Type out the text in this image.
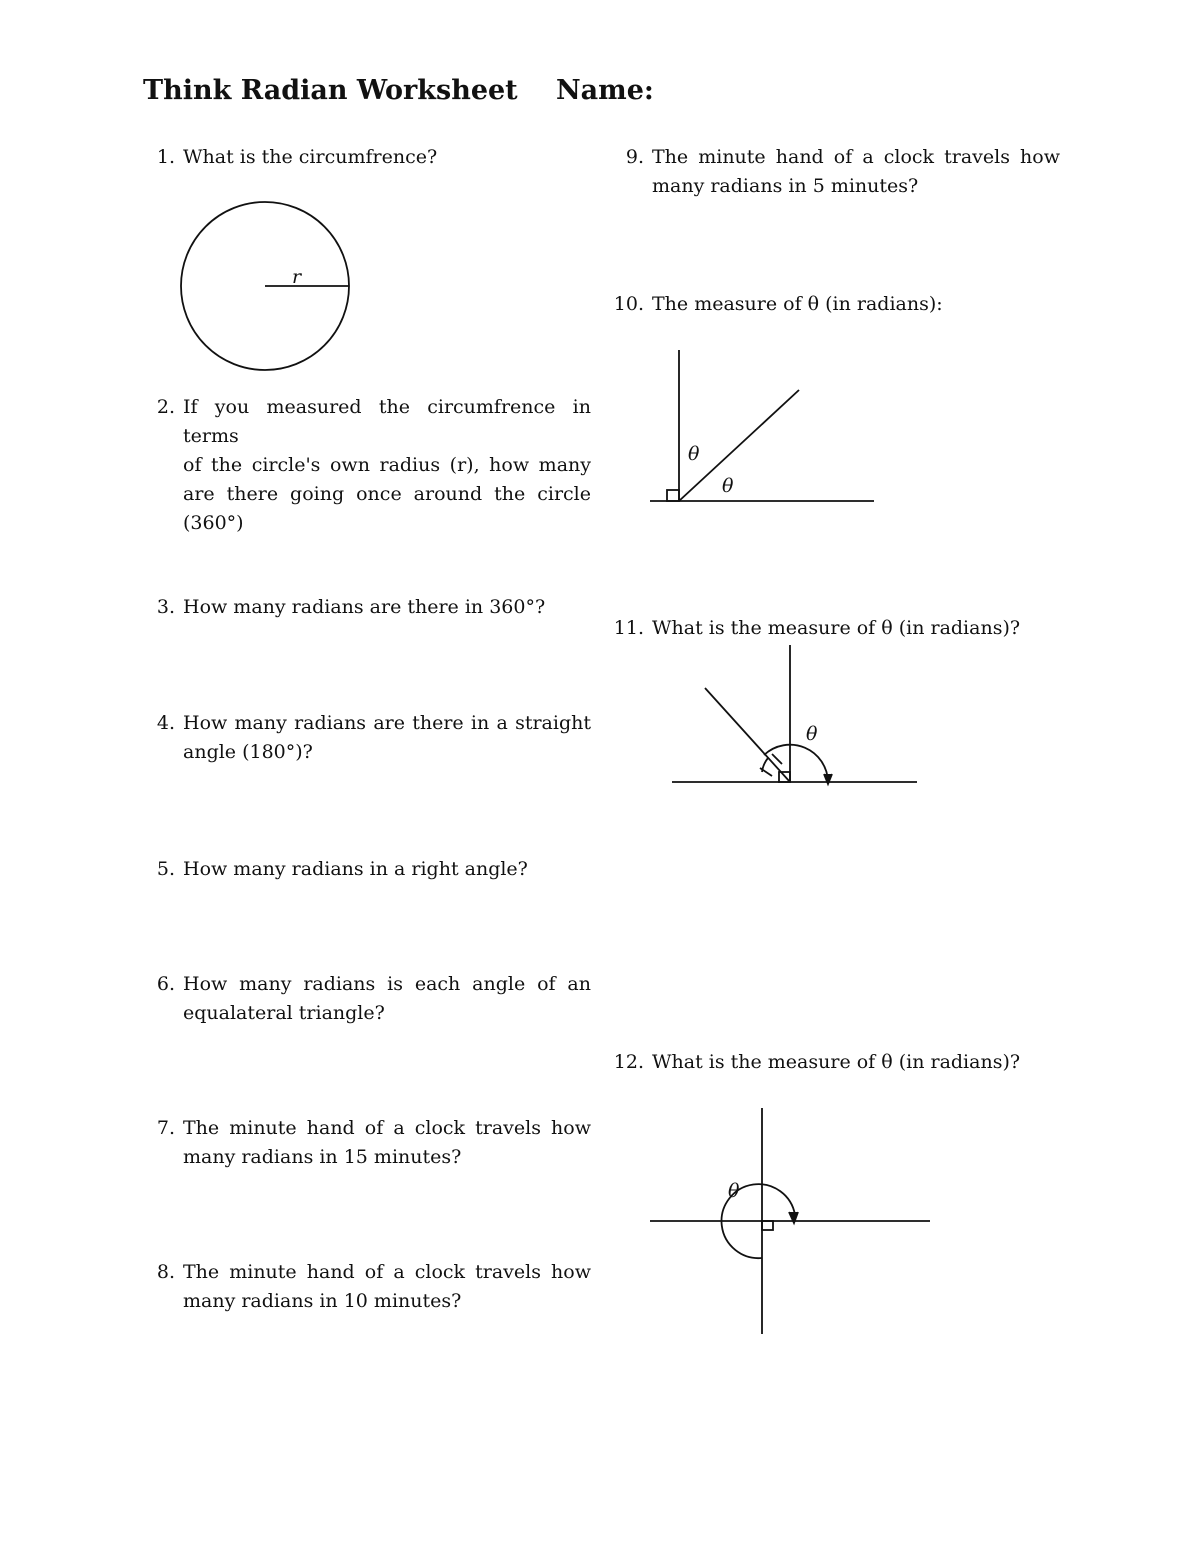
Think Radian Worksheet Name:
1. What is the circumfrence?
2. If you measured the circumfrence in terms
of the circle's own radius (r), how many
are there going once around the circle
(360°)
3. How many radians are there in 360°?
4. How many radians are there in a straight
angle (180°)?
5. How many radians in a right angle?
6. How many radians is each angle of an
equalateral triangle?
7. The minute hand of a clock travels how
many radians in 15 minutes?
8. The minute hand of a clock travels how
many radians in 10 minutes?
9. The minute hand of a clock travels how
many radians in 5 minutes?
10. The measure of θ (in radians):
11. What is the measure of θ (in radians)?
12. What is the measure of θ (in radians)?
r
θ
θ
θ
θ
